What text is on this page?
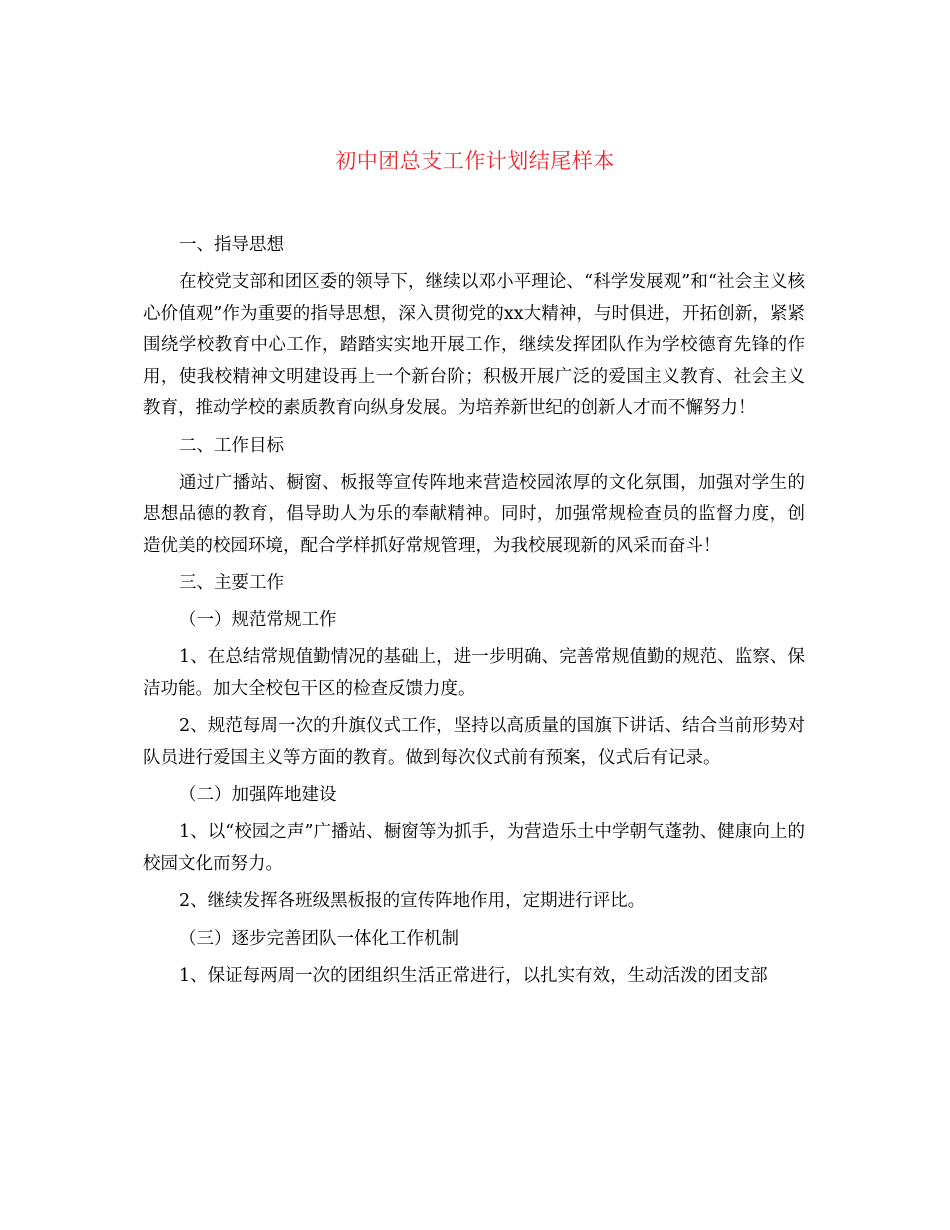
初中团总支工作计划结尾样本
一、指导思想
在校党支部和团区委的领导下，继续以邓小平理论、“科学发展观”和“社会主义核心价值观”作为重要的指导思想，深入贯彻党的xx大精神，与时俱进，开拓创新，紧紧围绕学校教育中心工作，踏踏实实地开展工作，继续发挥团队作为学校德育先锋的作用，使我校精神文明建设再上一个新台阶；积极开展广泛的爱国主义教育、社会主义教育，推动学校的素质教育向纵身发展。为培养新世纪的创新人才而不懈努力！
二、工作目标
通过广播站、橱窗、板报等宣传阵地来营造校园浓厚的文化氛围，加强对学生的思想品德的教育，倡导助人为乐的奉献精神。同时，加强常规检查员的监督力度，创造优美的校园环境，配合学样抓好常规管理，为我校展现新的风采而奋斗！
三、主要工作
（一）规范常规工作
1、在总结常规值勤情况的基础上，进一步明确、完善常规值勤的规范、监察、保洁功能。加大全校包干区的检查反馈力度。
2、规范每周一次的升旗仪式工作，坚持以高质量的国旗下讲话、结合当前形势对队员进行爱国主义等方面的教育。做到每次仪式前有预案，仪式后有记录。
（二）加强阵地建设
1、以“校园之声”广播站、橱窗等为抓手，为营造乐土中学朝气蓬勃、健康向上的校园文化而努力。
2、继续发挥各班级黑板报的宣传阵地作用，定期进行评比。
（三）逐步完善团队一体化工作机制
1、保证每两周一次的团组织生活正常进行，以扎实有效，生动活泼的团支部
